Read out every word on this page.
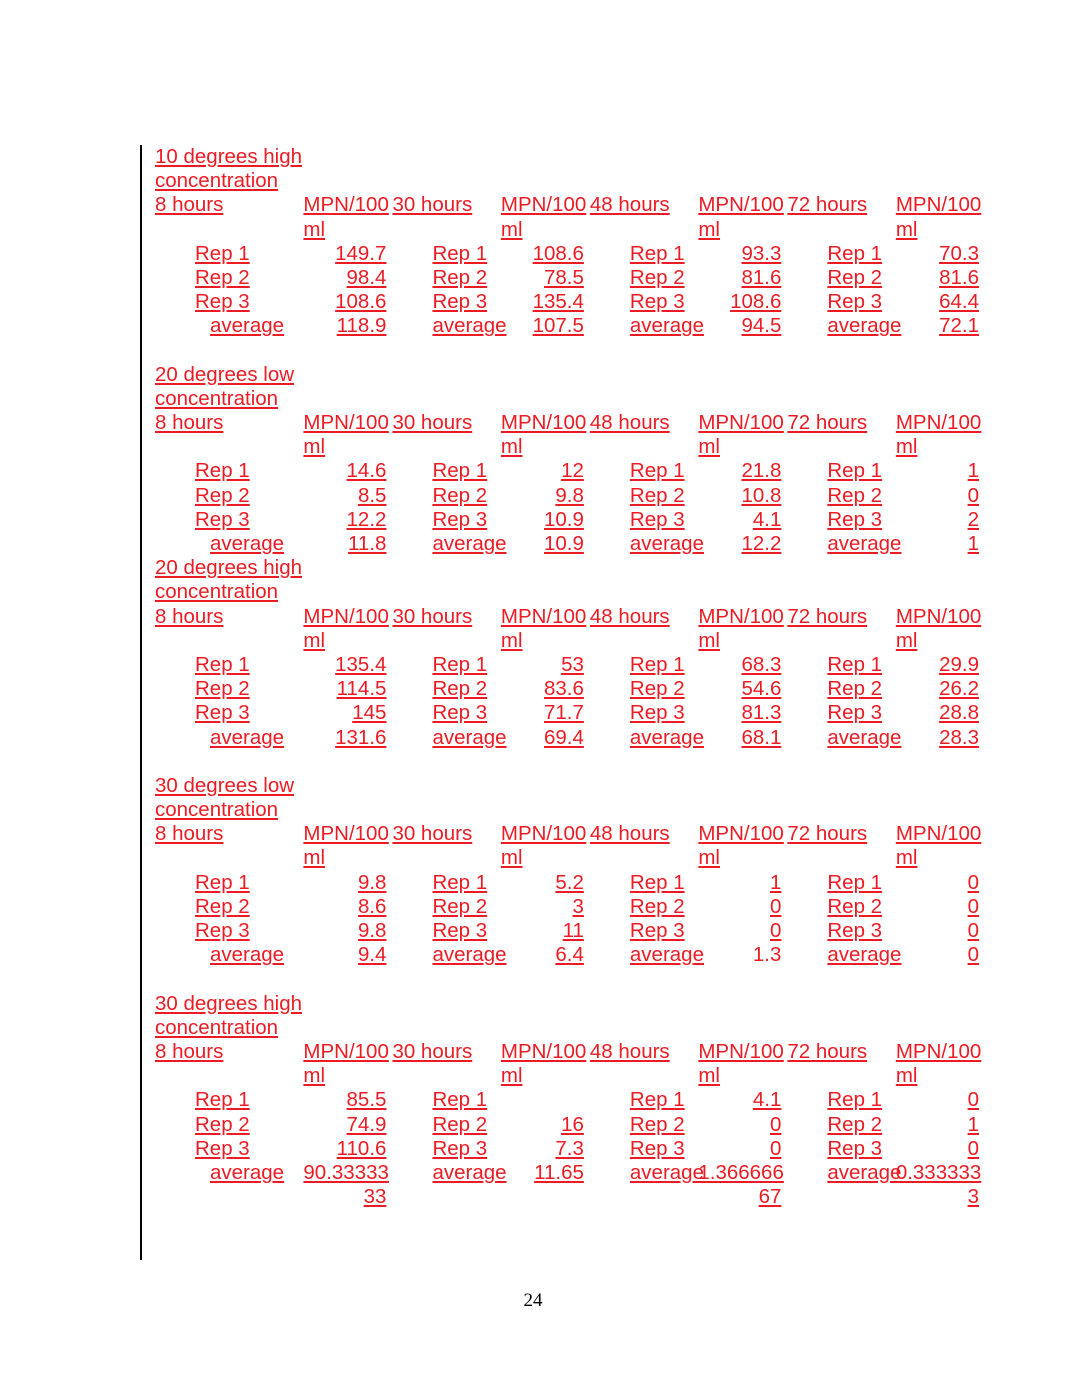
10 degrees high							
concentration							
8 hours	MPN/100	30 hours	MPN/100	48 hours	MPN/100	72 hours	MPN/100
	ml		ml		ml		ml
Rep 1	149.7	Rep 1	108.6	Rep 1	93.3	Rep 1	70.3
Rep 2	98.4	Rep 2	78.5	Rep 2	81.6	Rep 2	81.6
Rep 3	108.6	Rep 3	135.4	Rep 3	108.6	Rep 3	64.4
average	118.9	average	107.5	average	94.5	average	72.1

20 degrees low							
concentration							
8 hours	MPN/100	30 hours	MPN/100	48 hours	MPN/100	72 hours	MPN/100
	ml		ml		ml		ml
Rep 1	14.6	Rep 1	12	Rep 1	21.8	Rep 1	1
Rep 2	8.5	Rep 2	9.8	Rep 2	10.8	Rep 2	0
Rep 3	12.2	Rep 3	10.9	Rep 3	4.1	Rep 3	2
average	11.8	average	10.9	average	12.2	average	1
20 degrees high							
concentration							
8 hours	MPN/100	30 hours	MPN/100	48 hours	MPN/100	72 hours	MPN/100
	ml		ml		ml		ml
Rep 1	135.4	Rep 1	53	Rep 1	68.3	Rep 1	29.9
Rep 2	114.5	Rep 2	83.6	Rep 2	54.6	Rep 2	26.2
Rep 3	145	Rep 3	71.7	Rep 3	81.3	Rep 3	28.8
average	131.6	average	69.4	average	68.1	average	28.3

30 degrees low							
concentration							
8 hours	MPN/100	30 hours	MPN/100	48 hours	MPN/100	72 hours	MPN/100
	ml		ml		ml		ml
Rep 1	9.8	Rep 1	5.2	Rep 1	1	Rep 1	0
Rep 2	8.6	Rep 2	3	Rep 2	0	Rep 2	0
Rep 3	9.8	Rep 3	11	Rep 3	0	Rep 3	0
average	9.4	average	6.4	average	1.3	average	0

30 degrees high							
concentration							
8 hours	MPN/100	30 hours	MPN/100	48 hours	MPN/100	72 hours	MPN/100
	ml		ml		ml		ml
Rep 1	85.5	Rep 1		Rep 1	4.1	Rep 1	0
Rep 2	74.9	Rep 2	16	Rep 2	0	Rep 2	1
Rep 3	110.6	Rep 3	7.3	Rep 3	0	Rep 3	0
average	90.33333	average	11.65	average	1.366666	average	0.333333
	33				67		3
24
